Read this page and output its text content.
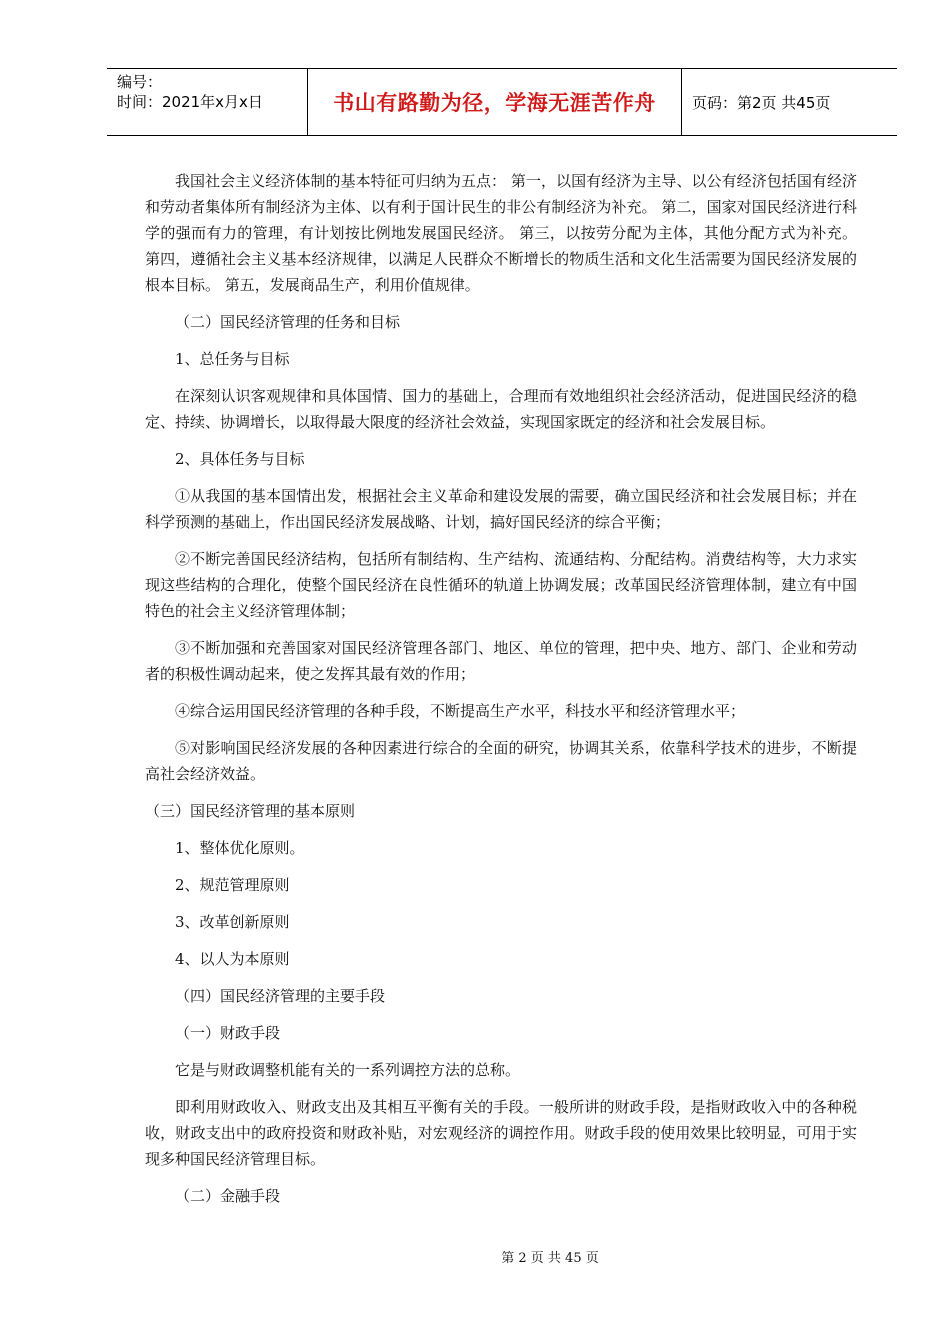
编号：
时间：2021年x月x日	书山有路勤为径，学海无涯苦作舟	页码：第2页 共45页

我国社会主义经济体制的基本特征可归纳为五点： 第一，以国有经济为主导、以公有经济包括国有经济和劳动者集体所有制经济为主体、以有利于国计民生的非公有制经济为补充。 第二，国家对国民经济进行科学的强而有力的管理，有计划按比例地发展国民经济。 第三，以按劳分配为主体，其他分配方式为补充。 第四，遵循社会主义基本经济规律，以满足人民群众不断增长的物质生活和文化生活需要为国民经济发展的根本目标。 第五，发展商品生产，利用价值规律。

（二）国民经济管理的任务和目标

1、总任务与目标

在深刻认识客观规律和具体国情、国力的基础上，合理而有效地组织社会经济活动，促进国民经济的稳定、持续、协调增长，以取得最大限度的经济社会效益，实现国家既定的经济和社会发展目标。

2、具体任务与目标

①从我国的基本国情出发，根据社会主义革命和建设发展的需要，确立国民经济和社会发展目标；并在科学预测的基础上，作出国民经济发展战略、计划，搞好国民经济的综合平衡；

②不断完善国民经济结构，包括所有制结构、生产结构、流通结构、分配结构。消费结构等，大力求实现这些结构的合理化，使整个国民经济在良性循环的轨道上协调发展；改革国民经济管理体制，建立有中国特色的社会主义经济管理体制；

③不断加强和充善国家对国民经济管理各部门、地区、单位的管理，把中央、地方、部门、企业和劳动者的积极性调动起来，使之发挥其最有效的作用；

④综合运用国民经济管理的各种手段，不断提高生产水平，科技水平和经济管理水平；

⑤对影响国民经济发展的各种因素进行综合的全面的研究，协调其关系，依靠科学技术的进步，不断提高社会经济效益。

（三）国民经济管理的基本原则

1、整体优化原则。

2、规范管理原则

3、改革创新原则

4、以人为本原则

（四）国民经济管理的主要手段

（一）财政手段

它是与财政调整机能有关的一系列调控方法的总称。

即利用财政收入、财政支出及其相互平衡有关的手段。一般所讲的财政手段，是指财政收入中的各种税收，财政支出中的政府投资和财政补贴，对宏观经济的调控作用。财政手段的使用效果比较明显，可用于实现多种国民经济管理目标。

（二）金融手段

第 2 页 共 45 页
